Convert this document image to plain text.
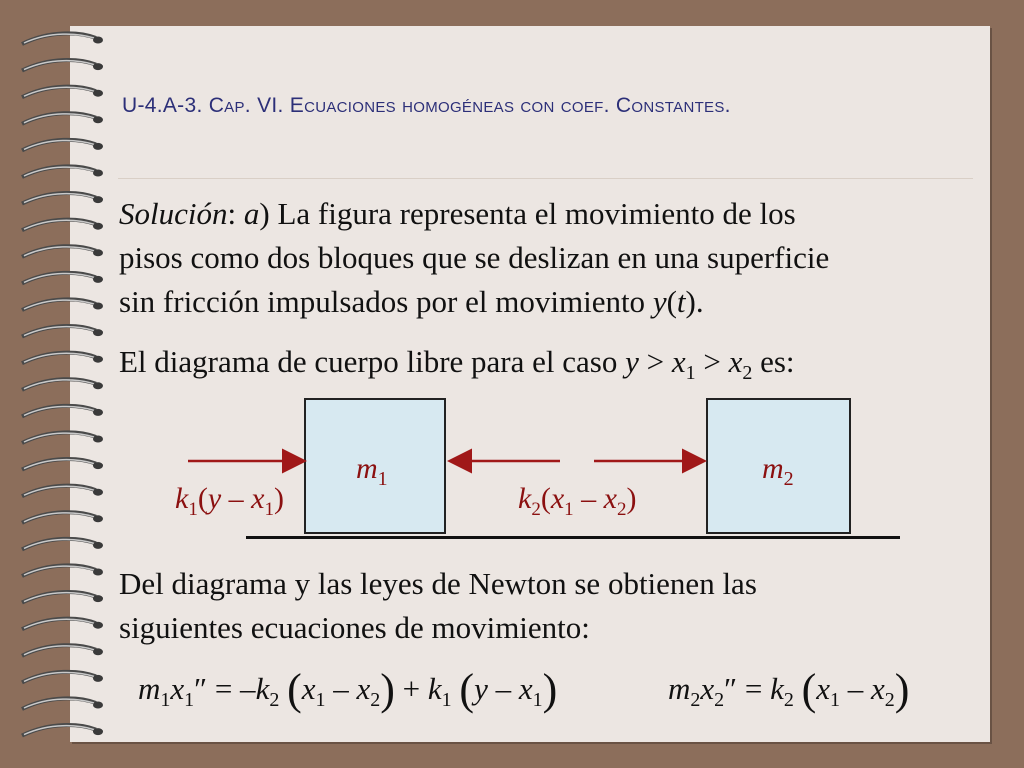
U-4.A-3. Cap. VI. Ecuaciones homogéneas con coef. Constantes.
Solución: a) La figura representa el movimiento de los
pisos como dos bloques que se deslizan en una superficie
sin fricción impulsados por el movimiento y(t).
El diagrama de cuerpo libre para el caso $y > x_1 > x_2$ es:
$m_1$	$m_2$
$k_1(y - x_1)$	$k_2(x_1 - x_2)$
Del diagrama y las leyes de Newton se obtienen las
siguientes ecuaciones de movimiento:
$m_1x_1'' = -k_2$ $(x_1 - x_2) + k_1$ $(y - x_1)$	$m_2x_2'' = k_2$ $(x_1 - x_2)$
